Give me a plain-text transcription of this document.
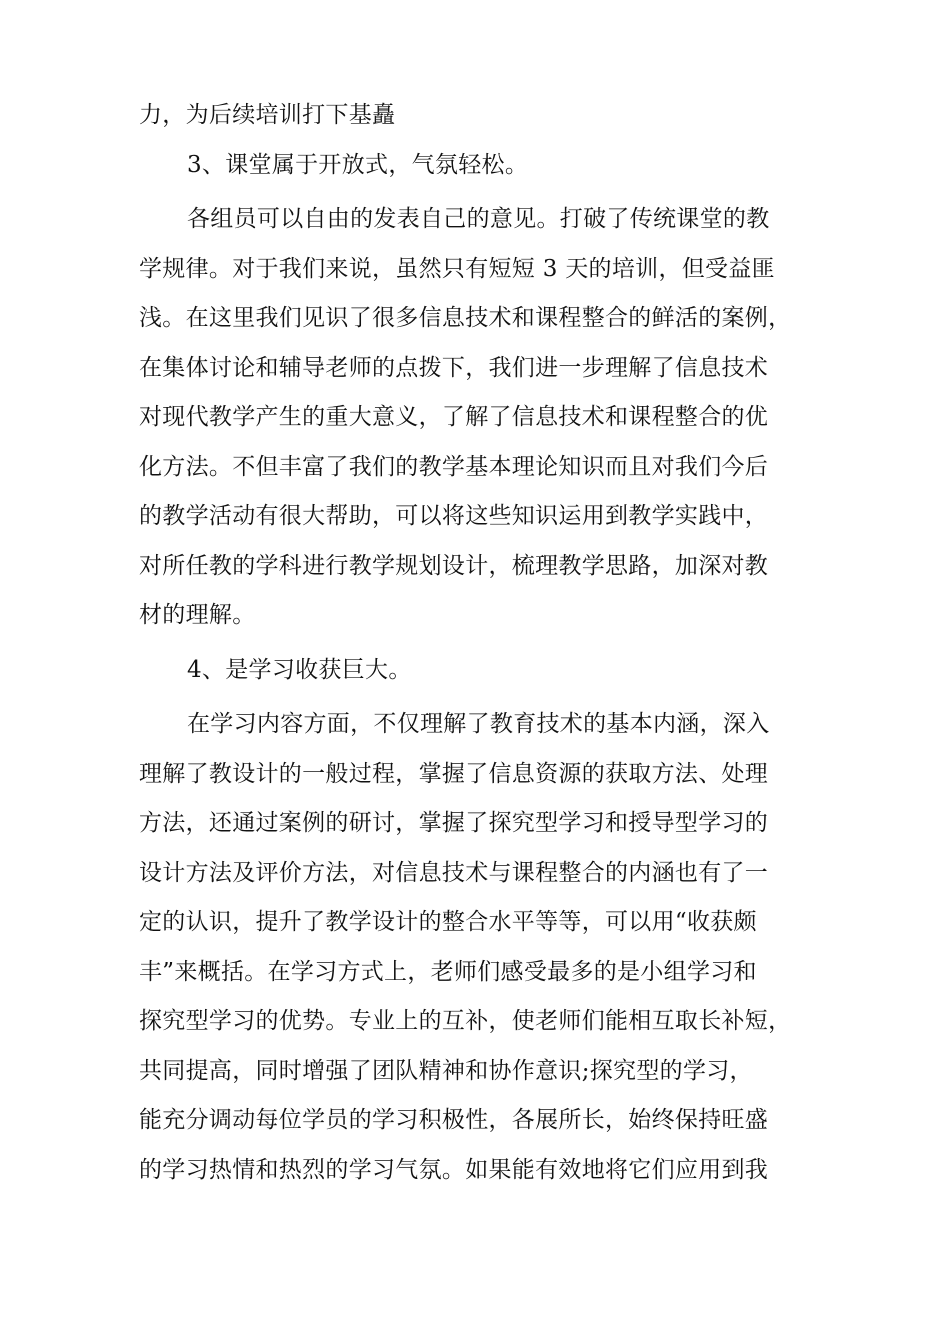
力，为后续培训打下基矗
3、课堂属于开放式，气氛轻松。
各组员可以自由的发表自己的意见。打破了传统课堂的教
学规律。对于我们来说，虽然只有短短 3 天的培训，但受益匪
浅。在这里我们见识了很多信息技术和课程整合的鲜活的案例，
在集体讨论和辅导老师的点拨下，我们进一步理解了信息技术
对现代教学产生的重大意义，了解了信息技术和课程整合的优
化方法。不但丰富了我们的教学基本理论知识而且对我们今后
的教学活动有很大帮助，可以将这些知识运用到教学实践中，
对所任教的学科进行教学规划设计，梳理教学思路，加深对教
材的理解。
4、是学习收获巨大。
在学习内容方面，不仅理解了教育技术的基本内涵，深入
理解了教设计的一般过程，掌握了信息资源的获取方法、处理
方法，还通过案例的研讨，掌握了探究型学习和授导型学习的
设计方法及评价方法，对信息技术与课程整合的内涵也有了一
定的认识，提升了教学设计的整合水平等等，可以用“收获颇
丰”来概括。在学习方式上，老师们感受最多的是小组学习和
探究型学习的优势。专业上的互补，使老师们能相互取长补短，
共同提高，同时增强了团队精神和协作意识;探究型的学习，
能充分调动每位学员的学习积极性，各展所长，始终保持旺盛
的学习热情和热烈的学习气氛。如果能有效地将它们应用到我
